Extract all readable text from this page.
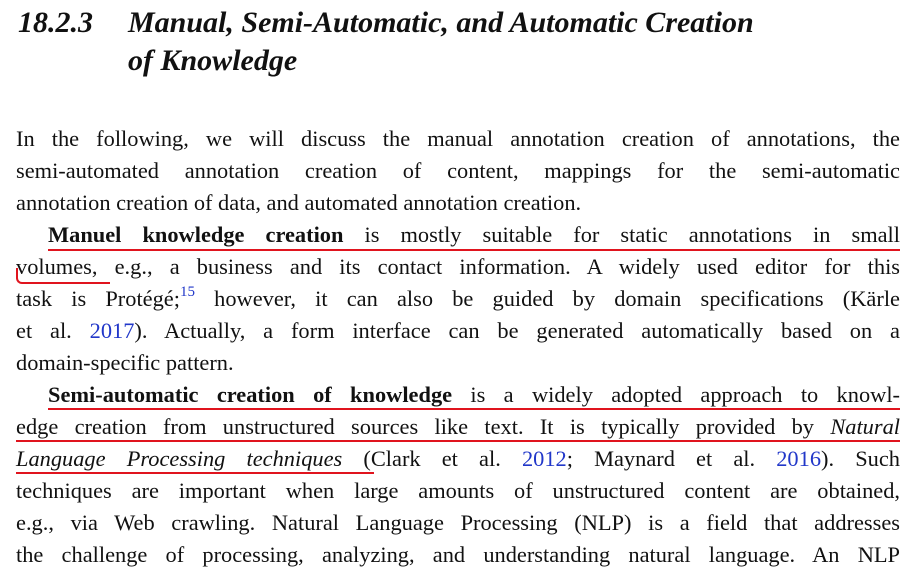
18.2.3 Manual, Semi-Automatic, and Automatic Creation
of Knowledge
In the following, we will discuss the manual annotation creation of annotations, the
semi-automated annotation creation of content, mappings for the semi-automatic
annotation creation of data, and automated annotation creation.
Manuel knowledge creation is mostly suitable for static annotations in small
volumes, e.g., a business and its contact information. A widely used editor for this
task is Protégé;$^{15}$ however, it can also be guided by domain specifications (Kärle
et al. 2017). Actually, a form interface can be generated automatically based on a
domain-specific pattern.
Semi-automatic creation of knowledge is a widely adopted approach to knowl-
edge creation from unstructured sources like text. It is typically provided by Natural
Language Processing techniques (Clark et al. 2012; Maynard et al. 2016). Such
techniques are important when large amounts of unstructured content are obtained,
e.g., via Web crawling. Natural Language Processing (NLP) is a field that addresses
the challenge of processing, analyzing, and understanding natural language. An NLP
